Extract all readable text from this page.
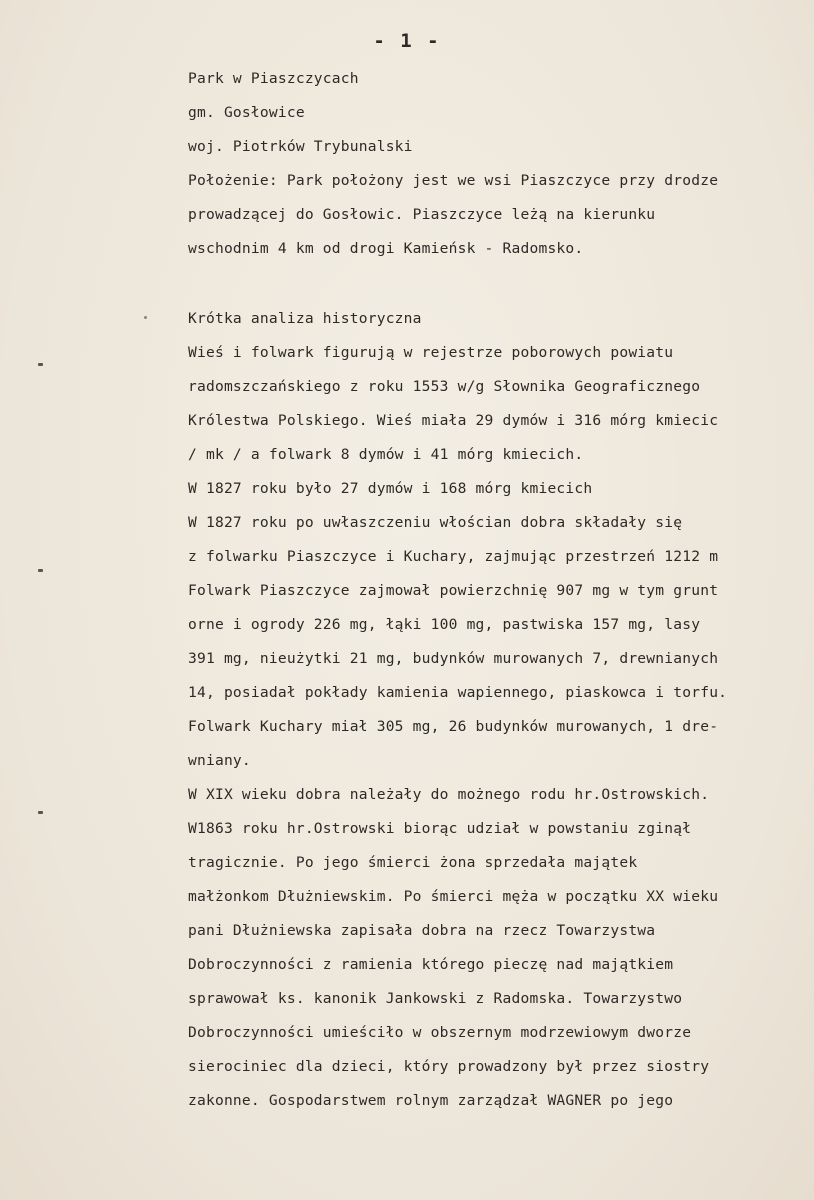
- 1 -
Park w Piaszczycach
gm. Gosłowice
woj. Piotrków Trybunalski
Położenie: Park położony jest we wsi Piaszczyce przy drodze
prowadzącej do Gosłowic. Piaszczyce leżą na kierunku
wschodnim 4 km od drogi Kamieńsk - Radomsko.
Krótka analiza historyczna
Wieś i folwark figurują w rejestrze poborowych powiatu
radomszczańskiego z roku 1553 w/g Słownika Geograficznego
Królestwa Polskiego. Wieś miała 29 dymów i 316 mórg kmiecic
/ mk / a folwark 8 dymów i 41 mórg kmiecich.
W 1827 roku było 27 dymów i 168 mórg kmiecich
W 1827 roku po uwłaszczeniu włościan dobra składały się
z folwarku Piaszczyce i Kuchary, zajmując przestrzeń 1212 m
Folwark Piaszczyce zajmował powierzchnię 907 mg w tym grunt
orne i ogrody 226 mg, łąki 100 mg, pastwiska 157 mg, lasy
391 mg, nieużytki 21 mg, budynków murowanych 7, drewnianych
14, posiadał pokłady kamienia wapiennego, piaskowca i torfu.
Folwark Kuchary miał 305 mg, 26 budynków murowanych, 1 dre-
wniany.
W XIX wieku dobra należały do możnego rodu hr.Ostrowskich.
W1863 roku hr.Ostrowski biorąc udział w powstaniu zginął
tragicznie. Po jego śmierci żona sprzedała majątek
małżonkom Dłużniewskim. Po śmierci męża w początku XX wieku
pani Dłużniewska zapisała dobra na rzecz Towarzystwa
Dobroczynności z ramienia którego pieczę nad majątkiem
sprawował ks. kanonik Jankowski z Radomska. Towarzystwo
Dobroczynności umieściło w obszernym modrzewiowym dworze
sierociniec dla dzieci, który prowadzony był przez siostry
zakonne. Gospodarstwem rolnym zarządzał WAGNER po jego
